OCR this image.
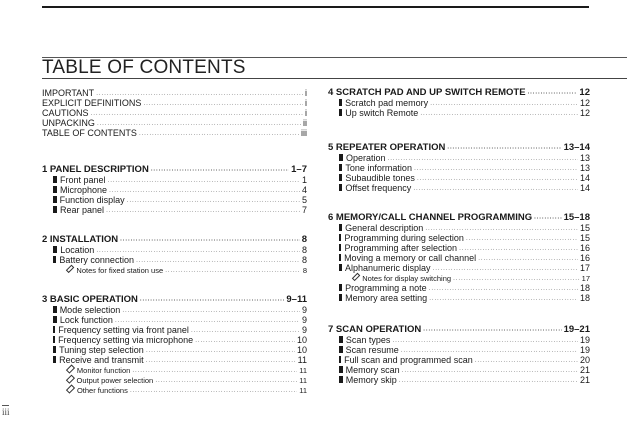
TABLE OF CONTENTS
IMPORTANT ·····	i
EXPLICIT DEFINITIONS ·····	i
CAUTIONS ·····	i
UNPACKING ·····	ii
TABLE OF CONTENTS ·····	iii
1 PANEL DESCRIPTION ·····	1–7
Front panel ·····	1
Microphone ·····	4
Function display ·····	5
Rear panel ·····	7
2 INSTALLATION ·····	8
Location ·····	8
Battery connection ·····	8
Notes for fixed station use ·····	8
3 BASIC OPERATION ·····	9–11
Mode selection ·····	9
Lock function ·····	9
Frequency setting via front panel ·····	9
Frequency setting via microphone ·····	10
Tuning step selection ·····	10
Receive and transmit ·····	11
Monitor function ·····	11
Output power selection ·····	11
Other functions ·····	11
4 SCRATCH PAD AND UP SWITCH REMOTE ·····	12
Scratch pad memory ·····	12
Up switch Remote ·····	12
5 REPEATER OPERATION ·····	13–14
Operation ·····	13
Tone information ·····	13
Subaudible tones ·····	14
Offset frequency ·····	14
6 MEMORY/CALL CHANNEL PROGRAMMING ·····	15–18
General description ·····	15
Programming during selection ·····	15
Programming after selection ·····	16
Moving a memory or call channel ·····	16
Alphanumeric display ·····	17
Notes for display switching ·····	17
Programming a note ·····	18
Memory area setting ·····	18
7 SCAN OPERATION ·····	19–21
Scan types ·····	19
Scan resume ·····	19
Full scan and programmed scan ·····	20
Memory scan ·····	21
Memory skip ·····	21
iii
